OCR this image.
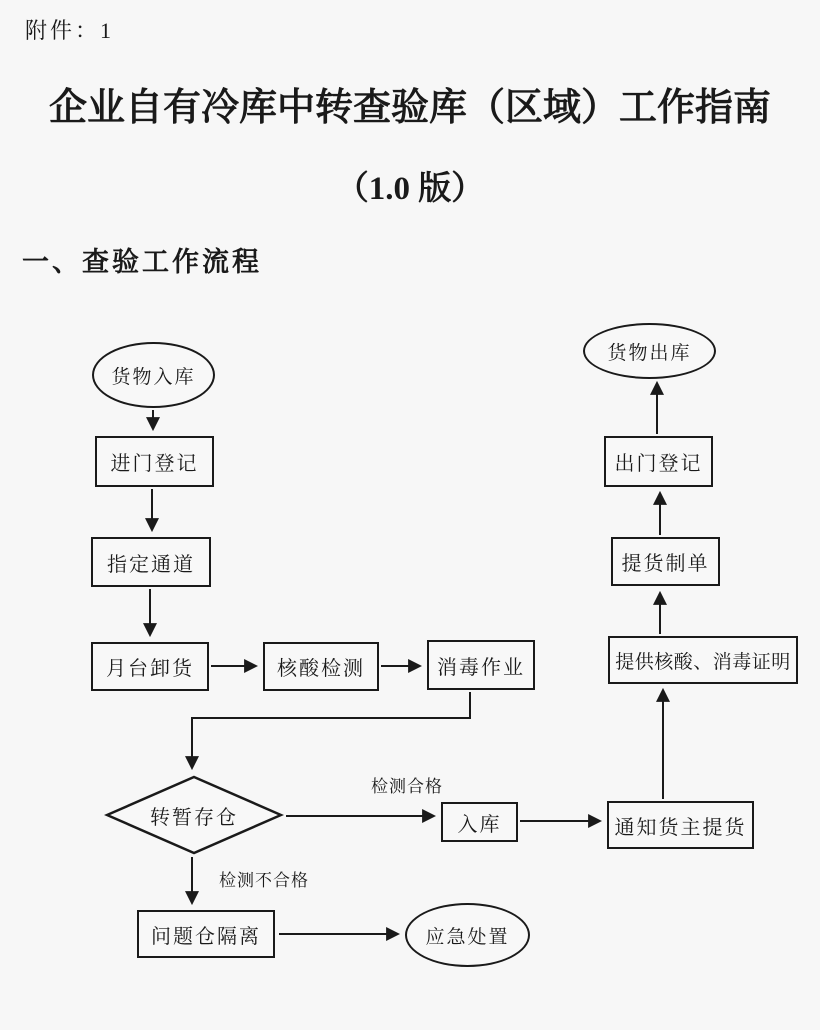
附件：1
企业自有冷库中转查验库（区域）工作指南
（1.0 版）
一、查验工作流程
货物入库
进门登记
指定通道
月台卸货	核酸检测	消毒作业
转暂存仓	入库	通知货主提货
提供核酸、消毒证明
提货制单
出门登记
货物出库
问题仓隔离	应急处置
检测合格
检测不合格
